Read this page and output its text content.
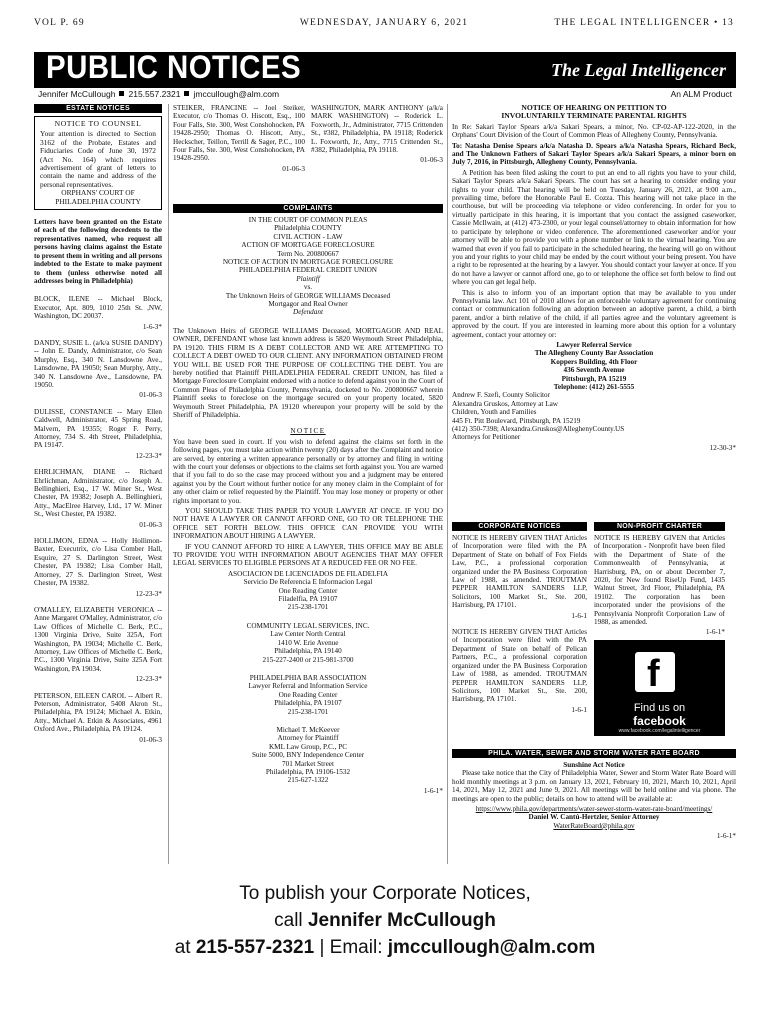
VOL P. 69	WEDNESDAY, JANUARY 6, 2021	THE LEGAL INTELLIGENCER • 13
PUBLIC NOTICES	The Legal Intelligencer
Jennifer McCullough 215.557.2321 jmccullough@alm.com	An ALM Product
ESTATE NOTICES
NOTICE TO COUNSEL
Your attention is directed to Section 3162 of the Probate, Estates and Fiduciaries Code of June 30, 1972 (Act No. 164) which requires advertisement of grant of letters to contain the name and address of the personal representatives.
ORPHANS' COURT OF
PHILADELPHIA COUNTY

Letters have been granted on the Estate of each of the following decedents to the representatives named, who request all persons having claims against the Estate to present them in writing and all persons indebted to the Estate to make payment to them (unless otherwise noted all addresses being in Philadelphia)

BLOCK, ILENE -- Michael Block, Executor, Apt. 809, 1010 25th St. ,NW, Washington, DC 20037.

1-6-3*

DANDY, SUSIE L. (a/k/a SUSIE DANDY) -- John E. Dandy, Administrator, c/o Sean Murphy, Esq., 340 N. Lansdowne Ave., Lansdowne, PA 19050; Sean Murphy, Atty., 340 N. Lansdowne Ave., Lansdowne, PA 19050.

01-06-3

DULISSE, CONSTANCE -- Mary Ellen Caldwell, Administrator, 45 Spring Road, Malvern, PA 19355; Roger F. Perry, Attorney, 734 S. 4th Street, Philadelphia, PA 19147.

12-23-3*

EHRLICHMAN, DIANE -- Richard Ehrlichman, Administrator, c/o Joseph A. Bellinghieri, Esq., 17 W. Miner St., West Chester, PA 19382; Joseph A. Bellinghieri, Atty., MacElree Harvey, Ltd., 17 W. Miner St., West Chester, PA 19382.

01-06-3

HOLLIMON, EDNA -- Holly Hollimon-Baxter, Executrix, c/o Lisa Comber Hall, Esquire, 27 S. Darlington Street, West Chester, PA 19382; Lisa Comber Hall, Attorney, 27 S. Darlington Street, West Chester, PA 19382.

12-23-3*

O'MALLEY, ELIZABETH VERONICA -- Anne Margaret O'Malley, Administrator, c/o Law Offices of Michelle C. Berk, P.C., 1300 Virginia Drive, Suite 325A, Fort Washington, PA 19034; Michelle C. Berk, Attorney, Law Offices of Michelle C. Berk, P.C., 1300 Virginia Drive, Suite 325A Fort Washington, PA 19034.

12-23-3*

PETERSON, EILEEN CAROL -- Albert R. Peterson, Administrator, 5408 Akron St., Philadelphia, PA 19124; Michael A. Etkin, Atty., Michael A. Etkin & Associates, 4961 Oxford Ave., Philadelphia, PA 19124.

01-06-3

STEIKER, FRANCINE -- Joel Steiker, Executor, c/o Thomas O. Hiscott, Esq., 100 Four Falls, Ste. 300, West Conshohocken, PA 19428-2950; Thomas O. Hiscott, Atty., Heckscher, Teillon, Terrill & Sager, P.C., 100 Four Falls, Ste. 300, West Conshohocken, PA 19428-2950.

01-06-3

WASHINGTON, MARK ANTHONY (a/k/a MARK WASHINGTON) -- Roderick L. Foxworth, Jr., Administrator, 7715 Crittenden St., #382, Philadelphia, PA 19118; Roderick L. Foxworth, Jr., Atty., 7715 Crittenden St., #382, Philadelphia, PA 19118.

01-06-3
COMPLAINTS
IN THE COURT OF COMMON PLEAS
Philadelphia COUNTY
CIVIL ACTION - LAW
ACTION OF MORTGAGE FORECLOSURE
Term No. 200800667
NOTICE OF ACTION IN MORTGAGE FORECLOSURE
PHILADELPHIA FEDERAL CREDIT UNION
Plaintiff
vs.
The Unknown Heirs of GEORGE WILLIAMS Deceased
Mortgagor and Real Owner
Defendant

The Unknown Heirs of GEORGE WILLIAMS Deceased, MORTGAGOR AND REAL OWNER, DEFENDANT whose last known address is 5820 Weymouth Street Philadelphia, PA 19120. THIS FIRM IS A DEBT COLLECTOR AND WE ARE ATTEMPTING TO COLLECT A DEBT OWED TO OUR CLIENT. ANY INFORMATION OBTAINED FROM YOU WILL BE USED FOR THE PURPOSE OF COLLECTING THE DEBT. You are hereby notified that Plaintiff PHILADELPHIA FEDERAL CREDIT UNION, has filed a Mortgage Foreclosure Complaint endorsed with a notice to defend against you in the Court of Common Pleas of Philadelphia County, Pennsylvania, docketed to No. 200800667 wherein Plaintiff seeks to foreclose on the mortgage secured on your property located, 5820 Weymouth Street Philadelphia, PA 19120 whereupon your property will be sold by the Sheriff of Philadelphia.

NOTICE

You have been sued in court. If you wish to defend against the claims set forth in the following pages, you must take action within twenty (20) days after the Complaint and notice are served, by entering a written appearance personally or by attorney and filing in writing with the court your defenses or objections to the claims set forth against you. You are warned that if you fail to do so the case may proceed without you and a judgment may be entered against you by the Court without further notice for any money claim in the Complaint of for any other claim or relief requested by the Plaintiff. You may lose money or property or other rights important to you.

YOU SHOULD TAKE THIS PAPER TO YOUR LAWYER AT ONCE. IF YOU DO NOT HAVE A LAWYER OR CANNOT AFFORD ONE, GO TO OR TELEPHONE THE OFFICE SET FORTH BELOW. THIS OFFICE CAN PROVIDE YOU WITH INFORMATION ABOUT HIRING A LAWYER.

IF YOU CANNOT AFFORD TO HIRE A LAWYER, THIS OFFICE MAY BE ABLE TO PROVIDE YOU WITH INFORMATION ABOUT AGENCIES THAT MAY OFFER LEGAL SERVICES TO ELIGIBLE PERSONS AT A REDUCED FEE OR NO FEE.

ASOCIACION DE LICENCIADOS DE FILADELFIA
Servicio De Referencia E Informacion Legal
One Reading Center
Filadelfia, PA 19107
215-238-1701
COMMUNITY LEGAL SERVICES, INC.
Law Center North Central
1410 W. Erie Avenue
Philadelphia, PA 19140
215-227-2400 or 215-981-3700
PHILADELPHIA BAR ASSOCIATION
Lawyer Referral and Information Service
One Reading Center
Philadelphia, PA 19107
215-238-1701
Michael T. McKeever
Attorney for Plaintiff
KML Law Group, P.C., PC
Suite 5000, BNY Independence Center
701 Market Street
Philadelphia, PA 19106-1532
215-627-1322
1-6-1*
NOTICE OF HEARING ON PETITION TO
INVOLUNTARILY TERMINATE PARENTAL RIGHTS

In Re: Sakari Taylor Spears a/k/a Sakari Spears, a minor, No. CP-02-AP-122-2020, in the Orphans' Court Division of the Court of Common Pleas of Allegheny County, Pennsylvania.

To: Natasha Denise Spears a/k/a Natasha D. Spears a/k/a Natasha Spears, Richard Beck, and The Unknown Fathers of Sakari Taylor Spears a/k/a Sakari Spears, a minor born on July 7, 2016, in Pittsburgh, Allegheny County, Pennsylvania.

A Petition has been filed asking the court to put an end to all rights you have to your child, Sakari Taylor Spears a/k/a Sakari Spears. The court has set a hearing to consider ending your rights to your child. That hearing will be held on Tuesday, January 26, 2021, at 9:00 a.m., prevailing time, before the Honorable Paul E. Cozza. This hearing will not take place in the courthouse, but will be proceeding via telephone or video conferencing. In order for you to virtually participate in this hearing, it is important that you contact the assigned caseworker, Cassie McIlwain, at (412) 473-2300, or your legal counsel/attorney to obtain information for how to participate by telephone or video conference. The aforementioned caseworker and/or your attorney will be able to provide you with a phone number or link to the virtual hearing. You are warned that even if you fail to participate in the scheduled hearing, the hearing will go on without you and your rights to your child may be ended by the court without your being present. You have a right to be represented at the hearing by a lawyer. You should contact your lawyer at once. If you do not have a lawyer or cannot afford one, go to or telephone the office set forth below to find out where you can get legal help.

This is also to inform you of an important option that may be available to you under Pennsylvania law. Act 101 of 2010 allows for an enforceable voluntary agreement for continuing contact or communication following an adoption between an adoptive parent, a child, a birth parent, and/or a birth relative of the child, if all parties agree and the voluntary agreement is approved by the court. If you are interested in learning more about this option for a voluntary agreement, contact your attorney or:

Lawyer Referral Service
The Allegheny County Bar Association
Koppers Building, 4th Floor
436 Seventh Avenue
Pittsburgh, PA 15219
Telephone: (412) 261-5555
Andrew F. Szefi, County Solicitor
Alexandra Gruskos, Attorney at Law
Children, Youth and Families
445 Ft. Pitt Boulevard, Pittsburgh, PA 15219
(412) 350-7398; Alexandra.Gruskos@AlleghenyCounty.US
Attorneys for Petitioner
12-30-3*
CORPORATE NOTICES

NOTICE IS HEREBY GIVEN THAT Articles of Incorporation were filed with the PA Department of State on behalf of Fox Fields Law, P.C., a professional corporation organized under the PA Business Corporation Law of 1988, as amended. TROUTMAN PEPPER HAMILTON SANDERS LLP, Solicitors, 100 Market St., Ste. 200, Harrisburg, PA 17101.

1-6-1

NOTICE IS HEREBY GIVEN THAT Articles of Incorporation were filed with the PA Department of State on behalf of Pelican Partners, P.C., a professional corporation organized under the PA Business Corporation Law of 1988, as amended. TROUTMAN PEPPER HAMILTON SANDERS LLP, Solicitors, 100 Market St., Ste. 200, Harrisburg, PA 17101.

1-6-1
NON-PROFIT CHARTER

NOTICE IS HEREBY GIVEN that Articles of Incorporation - Nonprofit have been filed with the Department of State of the Commonwealth of Pennsylvania, at Harrisburg, PA, on or about December 7, 2020, for New found RiseUp Fund, 1435 Walnut Street, 3rd Floor, Philadelphia, PA 19102. The corporation has been incorporated under the provisions of the Pennsylvania Nonprofit Corporation Law of 1988, as amended.

1-6-1*
f
Find us on
facebook
www.facebook.com/legalintelligencer
PHILA. WATER, SEWER AND STORM WATER RATE BOARD
Sunshine Act Notice

Please take notice that the City of Philadelphia Water, Sewer and Storm Water Rate Board will hold monthly meetings at 3 p.m. on January 13, 2021, February 10, 2021, March 10, 2021, April 14, 2021, May 12, 2021 and June 9, 2021. All meetings will be held online and via phone. The meetings are open to the public; details on how to attend will be available at:

https://www.phila.gov/departments/water-sewer-storm-water-rate-board/meetings/
Daniel W. Cantú-Hertzler, Senior Attorney
WaterRateBoard@phila.gov
1-6-1*
To publish your Corporate Notices,
call Jennifer McCullough
at 215-557-2321 | Email: jmccullough@alm.com
